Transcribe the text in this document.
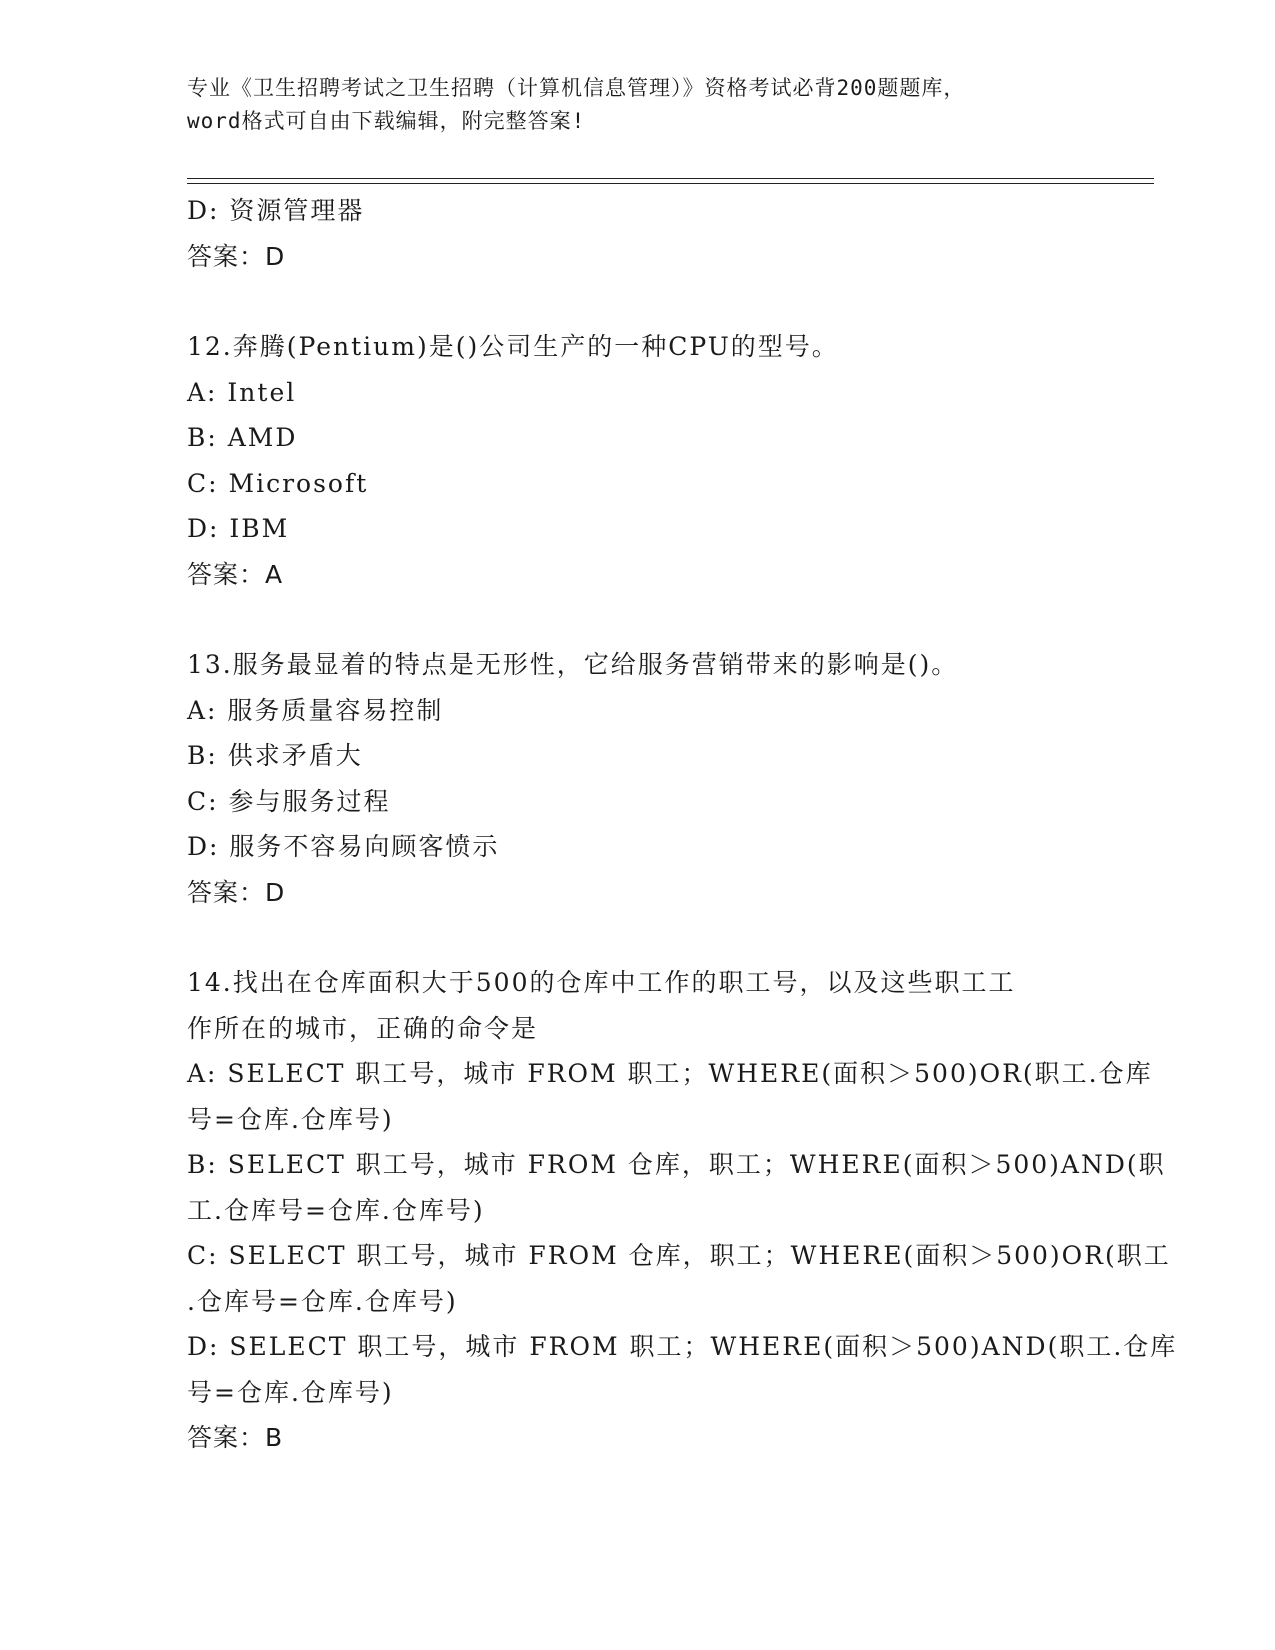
专业《卫生招聘考试之卫生招聘（计算机信息管理）》资格考试必背200题题库，
word格式可自由下载编辑，附完整答案!
D: 资源管理器
答案：D
12.奔腾(Pentium)是()公司生产的一种CPU的型号。
A: Intel
B: AMD
C: Microsoft
D: IBM
答案：A
13.服务最显着的特点是无形性，它给服务营销带来的影响是()。
A: 服务质量容易控制
B: 供求矛盾大
C: 参与服务过程
D: 服务不容易向顾客愤示
答案：D
14.找出在仓库面积大于500的仓库中工作的职工号，以及这些职工工
作所在的城市，正确的命令是
A: SELECT 职工号，城市 FROM 职工；WHERE(面积＞500)OR(职工.仓库
号=仓库.仓库号)
B: SELECT 职工号，城市 FROM 仓库，职工；WHERE(面积＞500)AND(职
工.仓库号=仓库.仓库号)
C: SELECT 职工号，城市 FROM 仓库，职工；WHERE(面积＞500)OR(职工
.仓库号=仓库.仓库号)
D: SELECT 职工号，城市 FROM 职工；WHERE(面积＞500)AND(职工.仓库
号=仓库.仓库号)
答案：B
